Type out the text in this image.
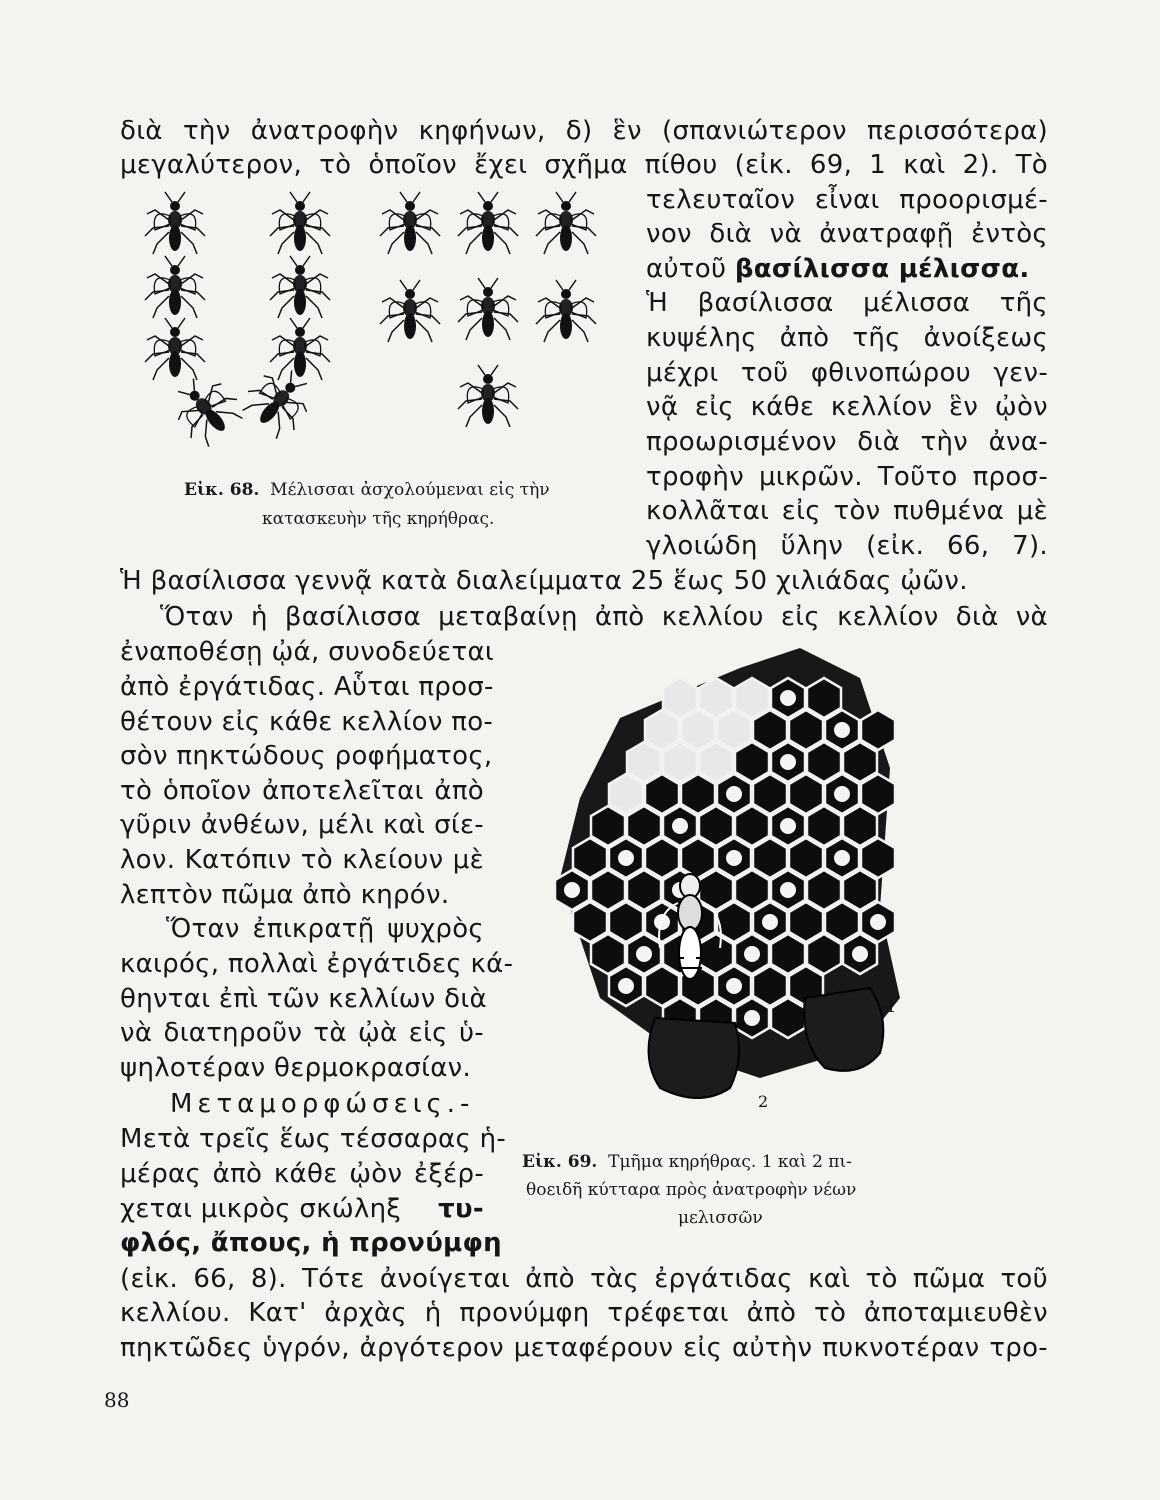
διὰ τὴν ἀνατροφὴν κηφήνων, δ) ἓν (σπανιώτερον περισσότερα)
μεγαλύτερον, τὸ ὁποῖον ἔχει σχῆμα πίθου (εἰκ. 69, 1 καὶ 2). Τὸ
τελευταῖον εἶναι προορισμέ-
νον διὰ νὰ ἀνατραφῇ ἐντὸς
αὐτοῦ βασίλισσα μέλισσα.
Ἡ βασίλισσα μέλισσα τῆς
κυψέλης ἀπὸ τῆς ἀνοίξεως
μέχρι τοῦ φθινοπώρου γεν-
νᾷ εἰς κάθε κελλίον ἓν ᾠὸν
προωρισμένον διὰ τὴν ἀνα-
τροφὴν μικρῶν. Τοῦτο προσ-
κολλᾶται εἰς τὸν πυθμένα μὲ
γλοιώδη ὕλην (εἰκ. 66, 7).
Εἰκ. 68. Μέλισσαι ἀσχολούμεναι εἰς τὴν
κατασκευὴν τῆς κηρήθρας.
Ἡ βασίλισσα γεννᾷ κατὰ διαλείμματα 25 ἕως 50 χιλιάδας ᾠῶν.
Ὅταν ἡ βασίλισσα μεταβαίνῃ ἀπὸ κελλίου εἰς κελλίον διὰ νὰ
ἐναποθέσῃ ᾠά, συνοδεύεται
ἀπὸ ἐργάτιδας. Αὗται προσ-
θέτουν εἰς κάθε κελλίον πο-
σὸν πηκτώδους ροφήματος,
τὸ ὁποῖον ἀποτελεῖται ἀπὸ
γῦριν ἀνθέων, μέλι καὶ σίε-
λον. Κατόπιν τὸ κλείουν μὲ
λεπτὸν πῶμα ἀπὸ κηρόν.
Ὅταν ἐπικρατῇ ψυχρὸς
καιρός, πολλαὶ ἐργάτιδες κά-
θηνται ἐπὶ τῶν κελλίων διὰ
νὰ διατηροῦν τὰ ᾠὰ εἰς ὑ-
ψηλοτέραν θερμοκρασίαν.
Μεταμορφώσεις.-
Μετὰ τρεῖς ἕως τέσσαρας ἡ-
μέρας ἀπὸ κάθε ᾠὸν ἐξέρ-
χεται μικρὸς σκώληξ τυ-
φλός, ἄπους, ἡ προνύμφη
1
2
Εἰκ. 69. Τμῆμα κηρήθρας. 1 καὶ 2 πι-
θοειδῆ κύτταρα πρὸς ἀνατροφὴν νέων
μελισσῶν
(εἰκ. 66, 8). Τότε ἀνοίγεται ἀπὸ τὰς ἐργάτιδας καὶ τὸ πῶμα τοῦ
κελλίου. Κατ' ἀρχὰς ἡ προνύμφη τρέφεται ἀπὸ τὸ ἀποταμιευθὲν
πηκτῶδες ὑγρόν, ἀργότερον μεταφέρουν εἰς αὐτὴν πυκνοτέραν τρο-
88
